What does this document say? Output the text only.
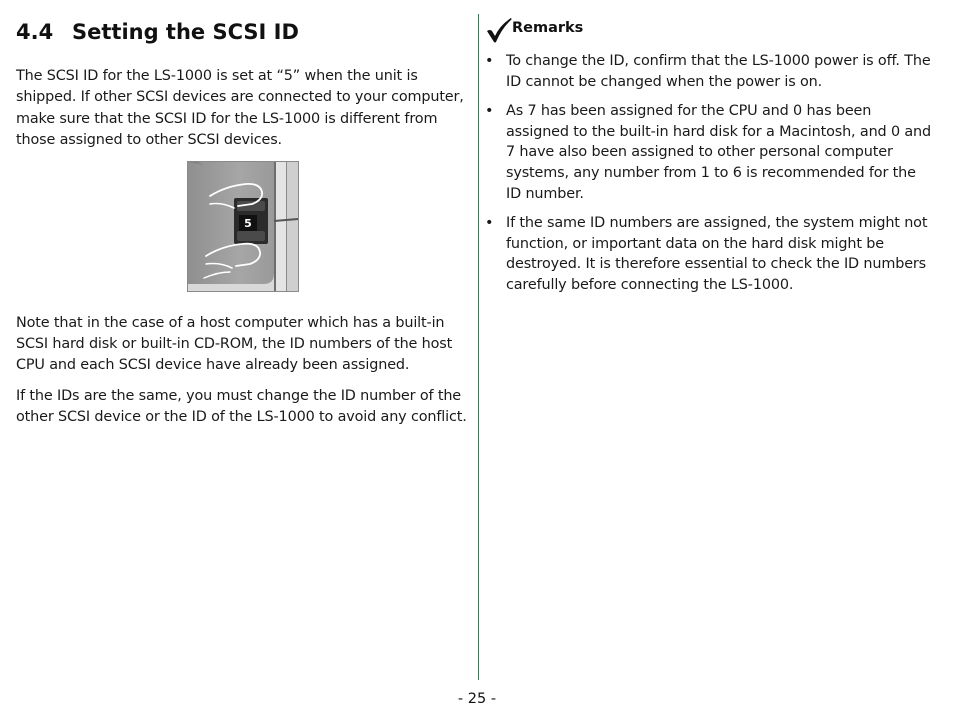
4.4 Setting the SCSI ID

The SCSI ID for the LS-1000 is set at “5” when the unit is shipped. If other SCSI devices are connected to your computer, make sure that the SCSI ID for the LS-1000 is different from those assigned to other SCSI devices.

5

Note that in the case of a host computer which has a built-in SCSI hard disk or built-in CD-ROM, the ID numbers of the host CPU and each SCSI device have already been assigned.

If the IDs are the same, you must change the ID number of the other SCSI device or the ID of the LS-1000 to avoid any conflict.

Remarks
• To change the ID, confirm that the LS-1000 power is off. The ID cannot be changed when the power is on.
• As 7 has been assigned for the CPU and 0 has been assigned to the built-in hard disk for a Macintosh, and 0 and 7 have also been assigned to other personal computer systems, any number from 1 to 6 is recommended for the ID number.
• If the same ID numbers are assigned, the system might not function, or important data on the hard disk might be destroyed. It is therefore essential to check the ID numbers carefully before connecting the LS-1000.
- 25 -
